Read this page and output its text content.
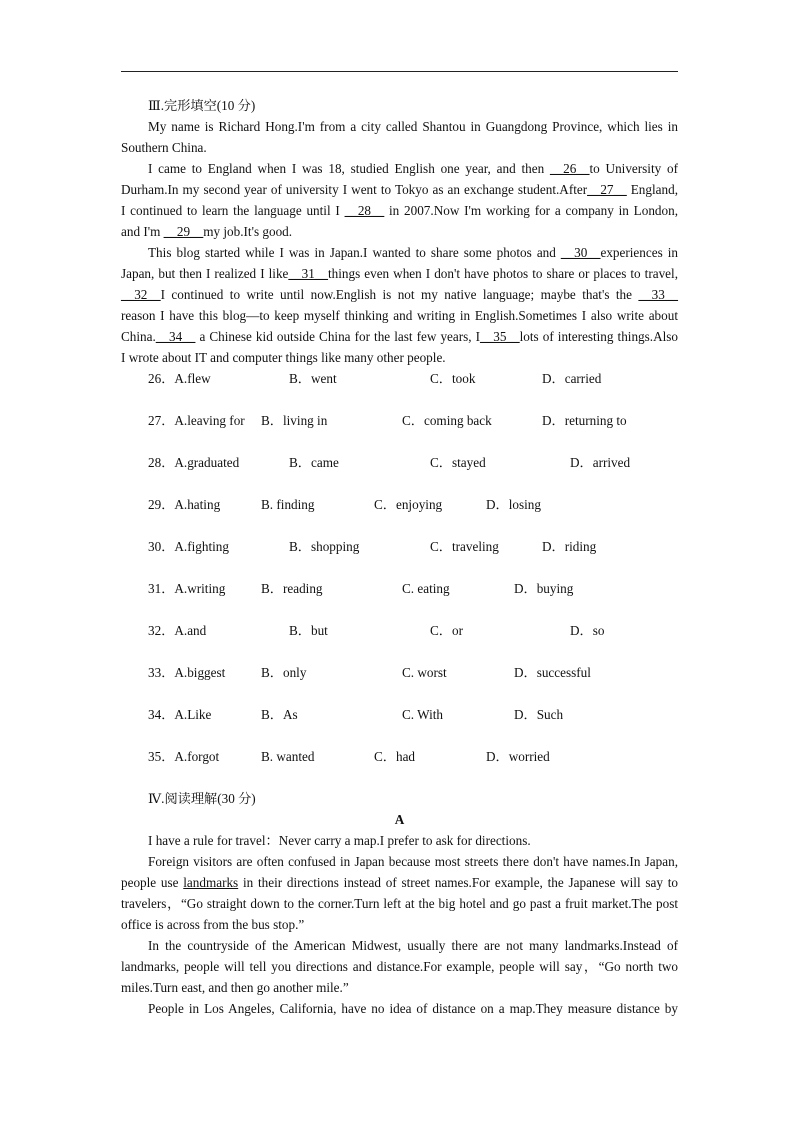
Ⅲ.完形填空(10 分)
My name is Richard Hong.I'm from a city called Shantou in Guangdong Province, which lies in
Southern China.
I came to England when I was 18, studied English one year, and then __26__to University of
Durham.In my second year of university I went to Tokyo as an exchange student.After__27__ England,
I continued to learn the language until I __28__ in 2007.Now I'm working for a company in London,
and I'm __29__my job.It's good.
This blog started while I was in Japan.I wanted to share some photos and __30__experiences in
Japan, but then I realized I like__31__things even when I don't have photos to share or places to travel,
__32__I continued to write until now.English is not my native language; maybe that's the __33__
reason I have this blog—to keep myself thinking and writing in English.Sometimes I also write about
China.__34__ a Chinese kid outside China for the last few years, I__35__lots of interesting things.Also
I wrote about IT and computer things like many other people.
26．A.flew	B．went	C．took	D．carried
27．A.leaving for B．living in	C．coming back	D．returning to
28．A.graduated	B．came	C．stayed	D．arrived
29．A.hating	B. finding	C．enjoying	D．losing
30．A.fighting	B．shopping	C．traveling	D．riding
31．A.writing	B．reading	C. eating	D．buying
32．A.and	B．but	C．or	D．so
33．A.biggest	B．only	C. worst	D．successful
34．A.Like	B．As	C. With	D．Such
35．A.forgot	B. wanted	C．had	D．worried
Ⅳ.阅读理解(30 分)
A
I have a rule for travel：Never carry a map.I prefer to ask for directions.
Foreign visitors are often confused in Japan because most streets there don't have names.In Japan,
people use landmarks in their directions instead of street names.For example, the Japanese will say to
travelers，“Go straight down to the corner.Turn left at the big hotel and go past a fruit market.The post
office is across from the bus stop.”
In the countryside of the American Midwest, usually there are not many landmarks.Instead of
landmarks, people will tell you directions and distance.For example, people will say，“Go north two
miles.Turn east, and then go another mile.”
People in Los Angeles, California, have no idea of distance on a map.They measure distance by
